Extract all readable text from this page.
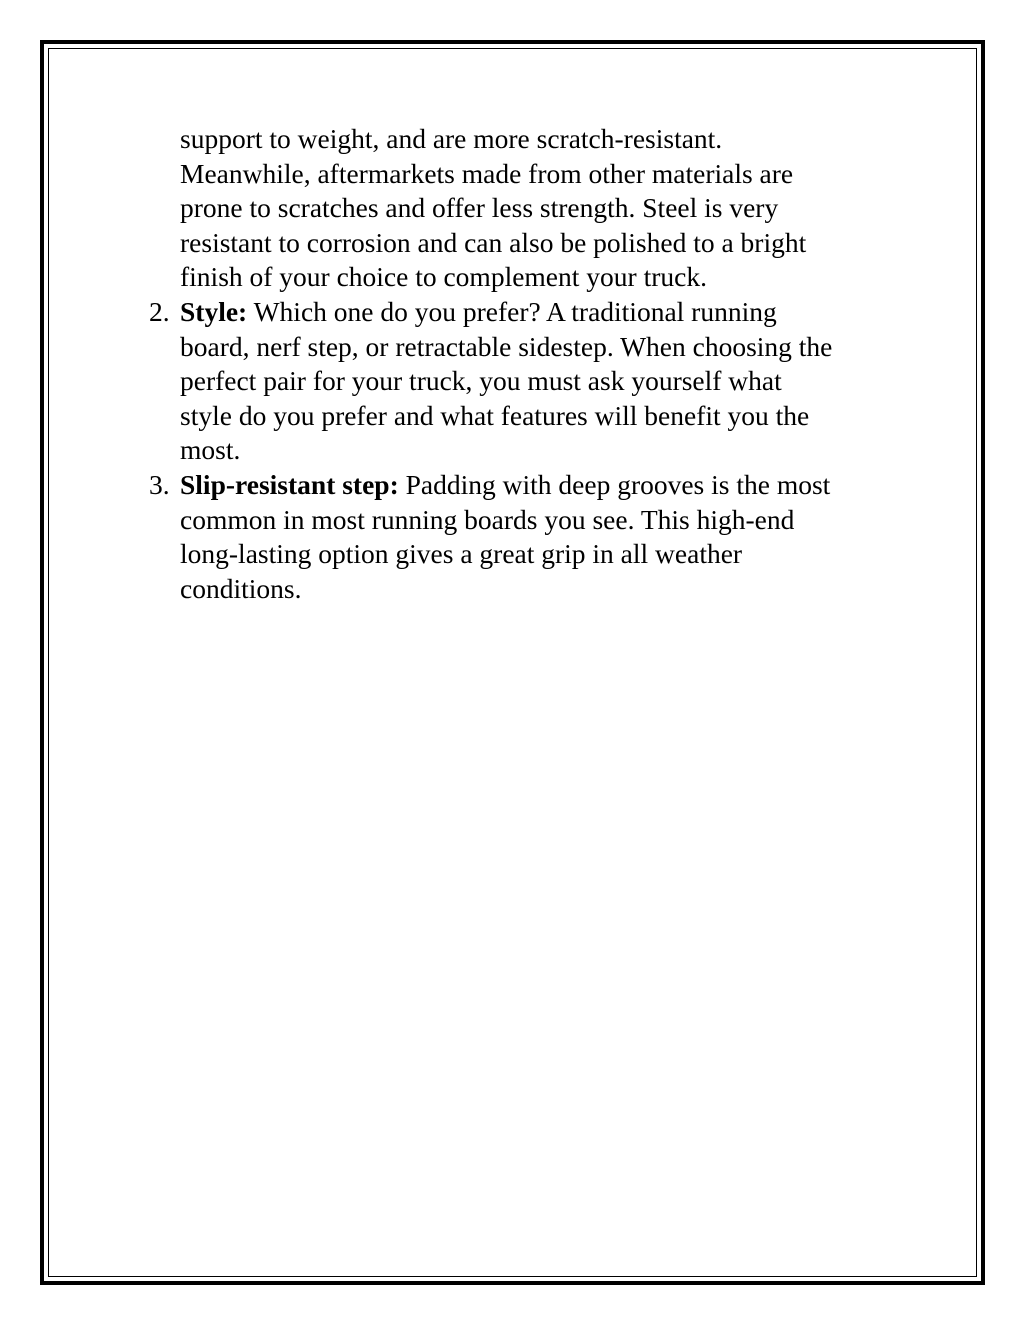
support to weight, and are more scratch-resistant.
Meanwhile, aftermarkets made from other materials are
prone to scratches and offer less strength. Steel is very
resistant to corrosion and can also be polished to a bright
finish of your choice to complement your truck.
2. Style: Which one do you prefer? A traditional running
board, nerf step, or retractable sidestep. When choosing the
perfect pair for your truck, you must ask yourself what
style do you prefer and what features will benefit you the
most.
3. Slip-resistant step: Padding with deep grooves is the most
common in most running boards you see. This high-end
long-lasting option gives a great grip in all weather
conditions.
